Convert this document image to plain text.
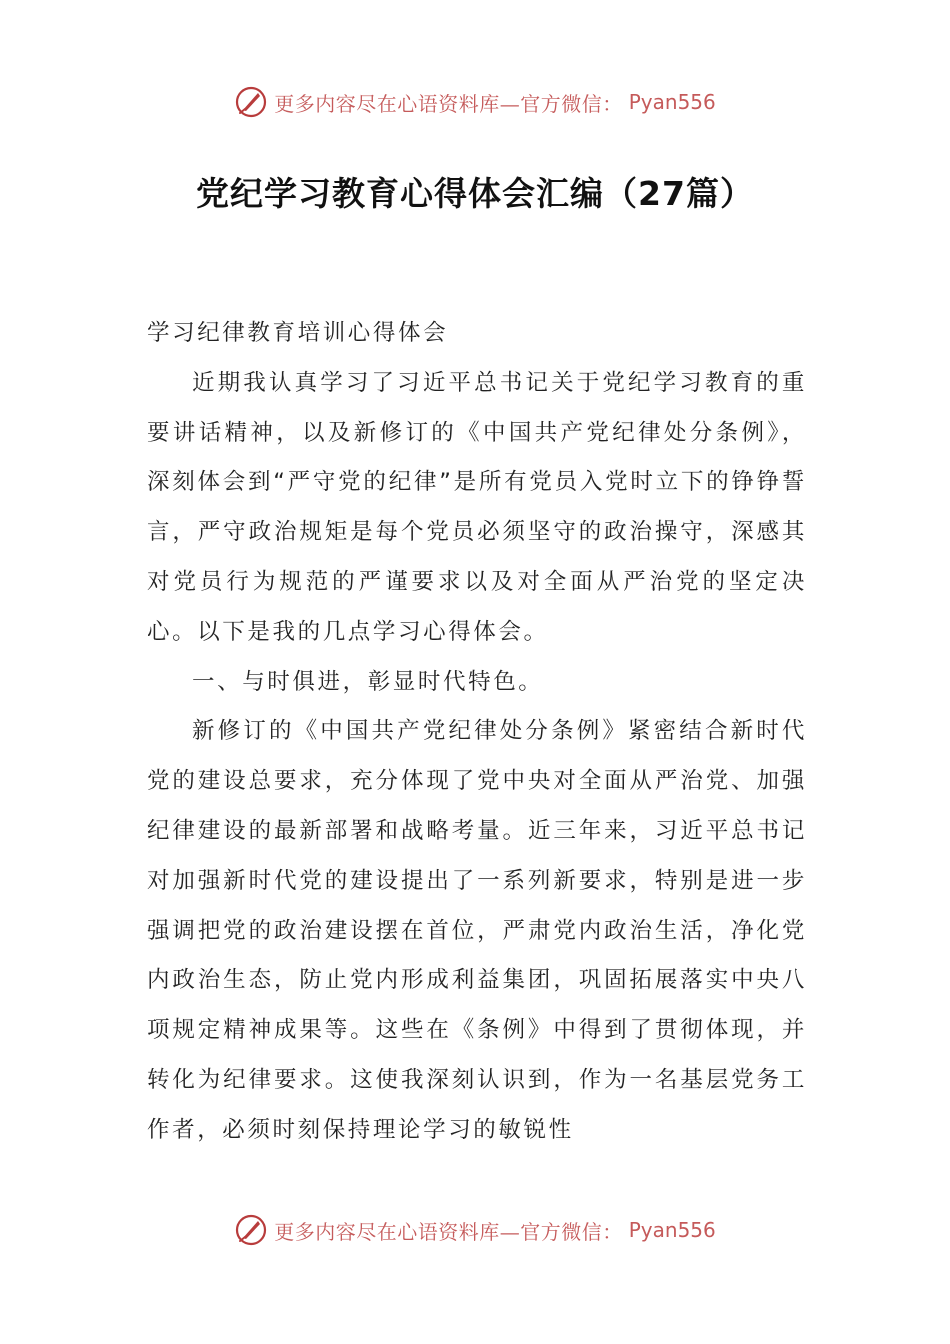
更多内容尽在心语资料库—官方微信： Pyan556
党纪学习教育心得体会汇编（27篇）

学习纪律教育培训心得体会

近期我认真学习了习近平总书记关于党纪学习教育的重要讲话精神，以及新修订的《中国共产党纪律处分条例》，深刻体会到“严守党的纪律”是所有党员入党时立下的铮铮誓言，严守政治规矩是每个党员必须坚守的政治操守，深感其对党员行为规范的严谨要求以及对全面从严治党的坚定决心。以下是我的几点学习心得体会。

一、与时俱进，彰显时代特色。

新修订的《中国共产党纪律处分条例》紧密结合新时代党的建设总要求，充分体现了党中央对全面从严治党、加强纪律建设的最新部署和战略考量。近三年来，习近平总书记对加强新时代党的建设提出了一系列新要求，特别是进一步强调把党的政治建设摆在首位，严肃党内政治生活，净化党内政治生态，防止党内形成利益集团，巩固拓展落实中央八项规定精神成果等。这些在《条例》中得到了贯彻体现，并转化为纪律要求。这使我深刻认识到，作为一名基层党务工作者，必须时刻保持理论学习的敏锐性

更多内容尽在心语资料库—官方微信： Pyan556
